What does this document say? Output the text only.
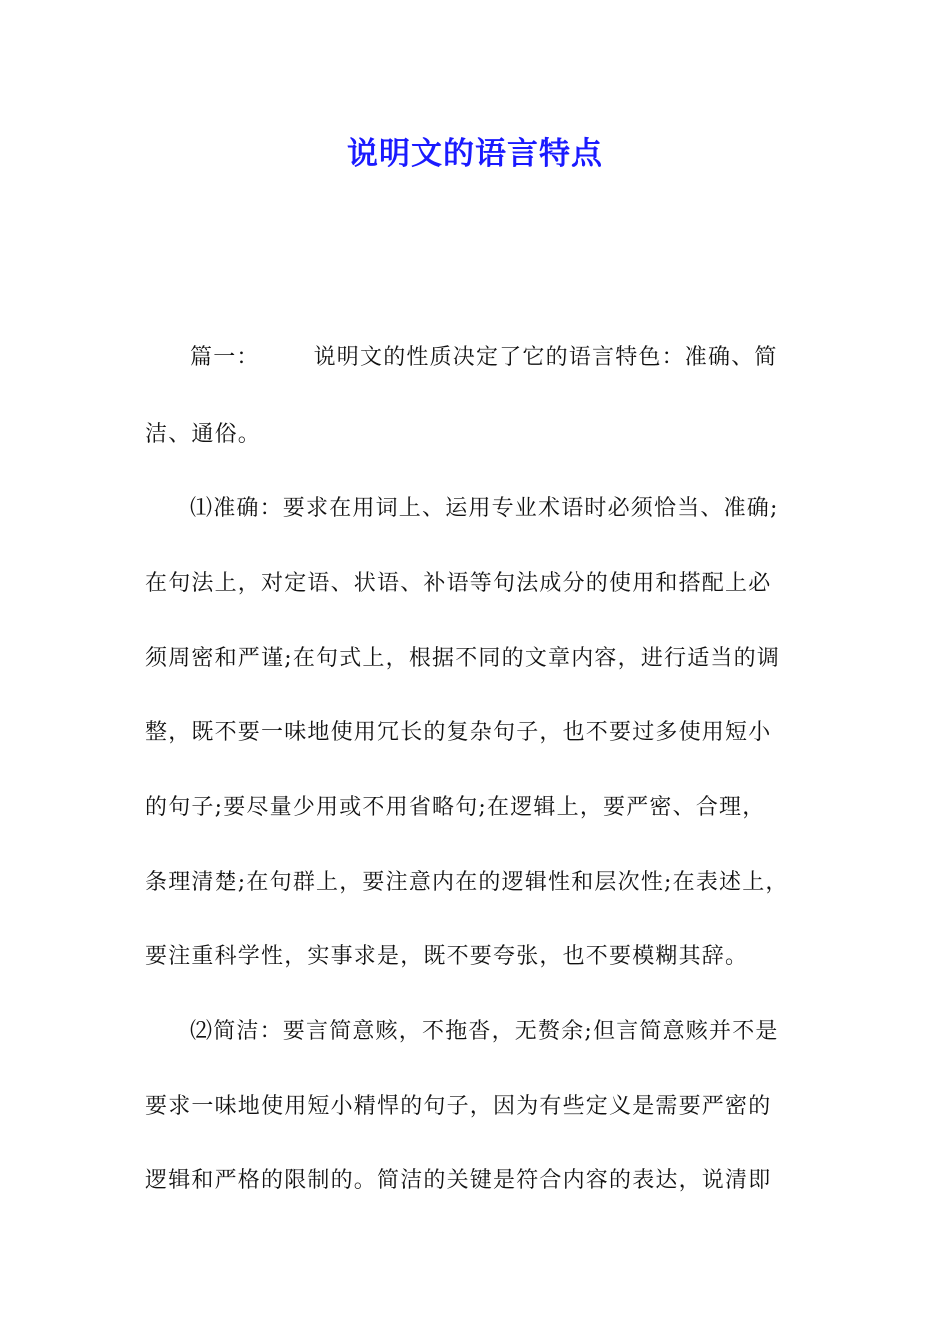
说明文的语言特点
篇一： 说明文的性质决定了它的语言特色：准确、简
洁、通俗。
⑴准确：要求在用词上、运用专业术语时必须恰当、准确;
在句法上，对定语、状语、补语等句法成分的使用和搭配上必
须周密和严谨;在句式上，根据不同的文章内容，进行适当的调
整，既不要一味地使用冗长的复杂句子，也不要过多使用短小
的句子;要尽量少用或不用省略句;在逻辑上，要严密、合理，
条理清楚;在句群上，要注意内在的逻辑性和层次性;在表述上，
要注重科学性，实事求是，既不要夸张，也不要模糊其辞。
⑵简洁：要言简意赅，不拖沓，无赘余;但言简意赅并不是
要求一味地使用短小精悍的句子，因为有些定义是需要严密的
逻辑和严格的限制的。简洁的关键是符合内容的表达，说清即
